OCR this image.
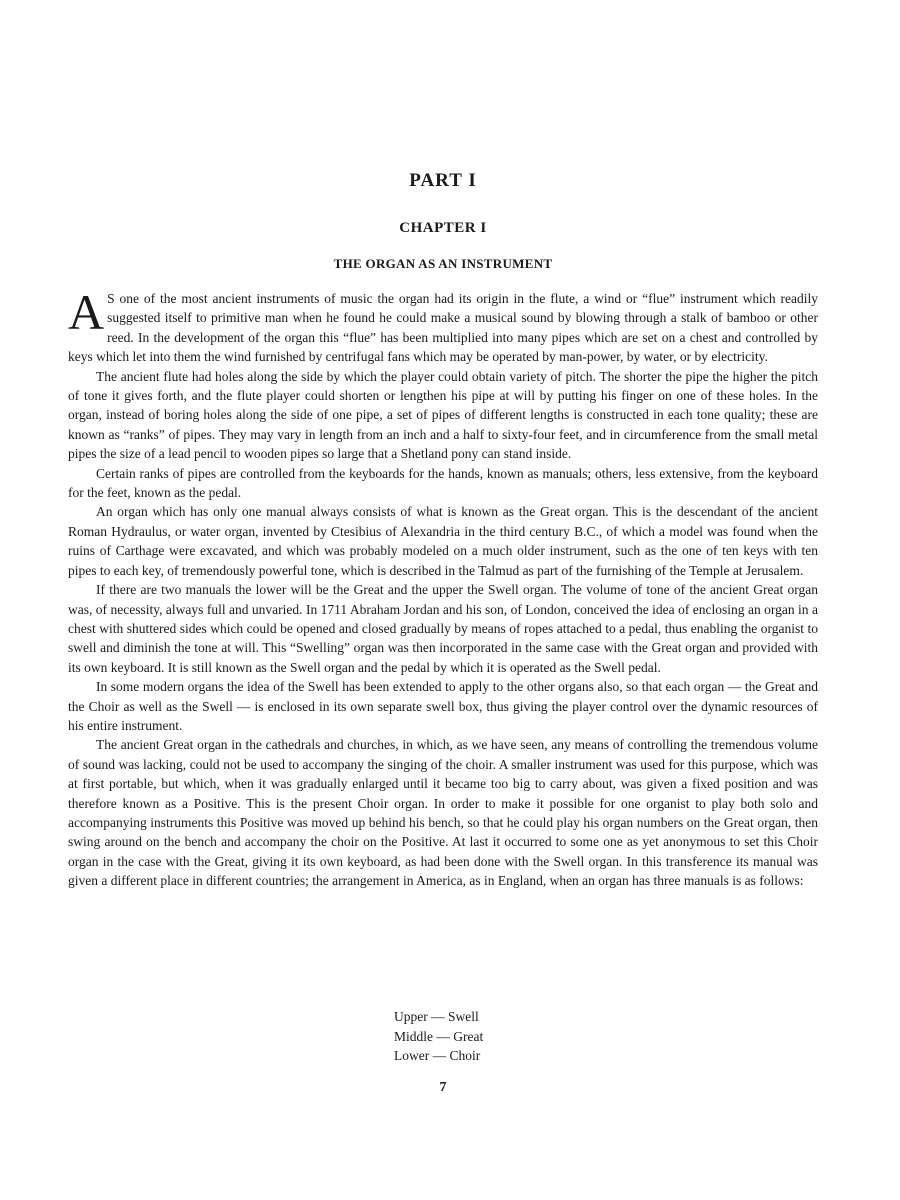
PART I
CHAPTER I
THE ORGAN AS AN INSTRUMENT

A S one of the most ancient instruments of music the organ had its origin in the flute, a wind or “flue” instrument which readily suggested itself to primitive man when he found he could make a musical sound by blowing through a stalk of bamboo or other reed. In the development of the organ this “flue” has been multiplied into many pipes which are set on a chest and controlled by keys which let into them the wind furnished by centrifugal fans which may be operated by man-power, by water, or by electricity.

The ancient flute had holes along the side by which the player could obtain variety of pitch. The shorter the pipe the higher the pitch of tone it gives forth, and the flute player could shorten or lengthen his pipe at will by putting his finger on one of these holes. In the organ, instead of boring holes along the side of one pipe, a set of pipes of different lengths is constructed in each tone quality; these are known as “ranks” of pipes. They may vary in length from an inch and a half to sixty-four feet, and in circumference from the small metal pipes the size of a lead pencil to wooden pipes so large that a Shetland pony can stand inside.

Certain ranks of pipes are controlled from the keyboards for the hands, known as manuals; others, less extensive, from the keyboard for the feet, known as the pedal.

An organ which has only one manual always consists of what is known as the Great organ. This is the descendant of the ancient Roman Hydraulus, or water organ, invented by Ctesibius of Alexandria in the third century B.C., of which a model was found when the ruins of Carthage were excavated, and which was probably modeled on a much older instrument, such as the one of ten keys with ten pipes to each key, of tremendously powerful tone, which is described in the Talmud as part of the furnishing of the Temple at Jerusalem.

If there are two manuals the lower will be the Great and the upper the Swell organ. The volume of tone of the ancient Great organ was, of necessity, always full and unvaried. In 1711 Abraham Jordan and his son, of London, conceived the idea of enclosing an organ in a chest with shuttered sides which could be opened and closed gradually by means of ropes attached to a pedal, thus enabling the organist to swell and diminish the tone at will. This “Swelling” organ was then incorporated in the same case with the Great organ and provided with its own keyboard. It is still known as the Swell organ and the pedal by which it is operated as the Swell pedal.

In some modern organs the idea of the Swell has been extended to apply to the other organs also, so that each organ — the Great and the Choir as well as the Swell — is enclosed in its own separate swell box, thus giving the player control over the dynamic resources of his entire instrument.

The ancient Great organ in the cathedrals and churches, in which, as we have seen, any means of controlling the tremendous volume of sound was lacking, could not be used to accompany the singing of the choir. A smaller instrument was used for this purpose, which was at first portable, but which, when it was gradually enlarged until it became too big to carry about, was given a fixed position and was therefore known as a Positive. This is the present Choir organ. In order to make it possible for one organist to play both solo and accompanying instruments this Positive was moved up behind his bench, so that he could play his organ numbers on the Great organ, then swing around on the bench and accompany the choir on the Positive. At last it occurred to some one as yet anonymous to set this Choir organ in the case with the Great, giving it its own keyboard, as had been done with the Swell organ. In this transference its manual was given a different place in different countries; the arrangement in America, as in England, when an organ has three manuals is as follows:

Upper — Swell
Middle — Great
Lower — Choir
7
